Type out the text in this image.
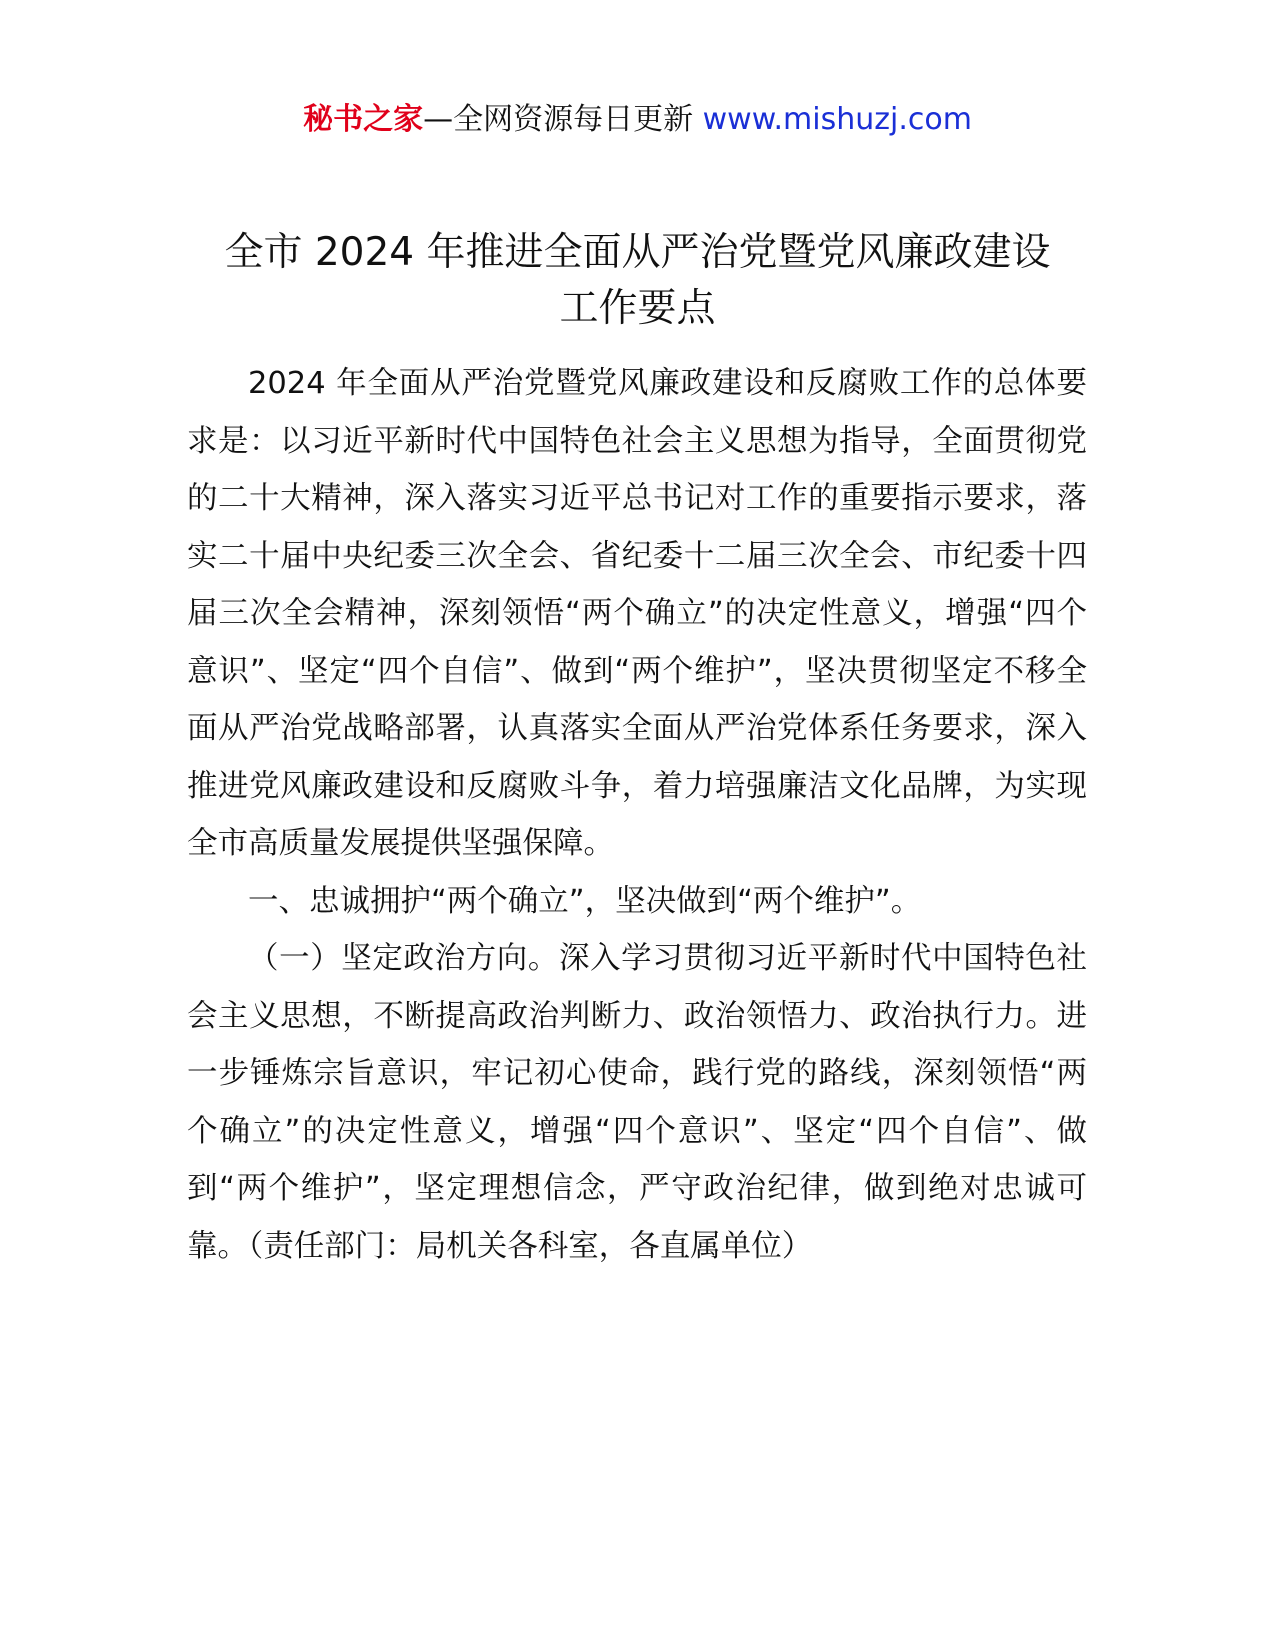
秘书之家—全网资源每日更新 www.mishuzj.com
全市 2024 年推进全面从严治党暨党风廉政建设
工作要点

2024 年全面从严治党暨党风廉政建设和反腐败工作的总体要求是：以习近平新时代中国特色社会主义思想为指导，全面贯彻党的二十大精神，深入落实习近平总书记对工作的重要指示要求，落实二十届中央纪委三次全会、省纪委十二届三次全会、市纪委十四届三次全会精神，深刻领悟“两个确立”的决定性意义，增强“四个意识”、坚定“四个自信”、做到“两个维护”，坚决贯彻坚定不移全面从严治党战略部署，认真落实全面从严治党体系任务要求，深入推进党风廉政建设和反腐败斗争，着力培强廉洁文化品牌，为实现全市高质量发展提供坚强保障。

一、忠诚拥护“两个确立”，坚决做到“两个维护”。

（一）坚定政治方向。深入学习贯彻习近平新时代中国特色社会主义思想，不断提高政治判断力、政治领悟力、政治执行力。进一步锤炼宗旨意识，牢记初心使命，践行党的路线，深刻领悟“两个确立”的决定性意义，增强“四个意识”、坚定“四个自信”、做到“两个维护”，坚定理想信念，严守政治纪律，做到绝对忠诚可靠。（责任部门：局机关各科室，各直属单位）
